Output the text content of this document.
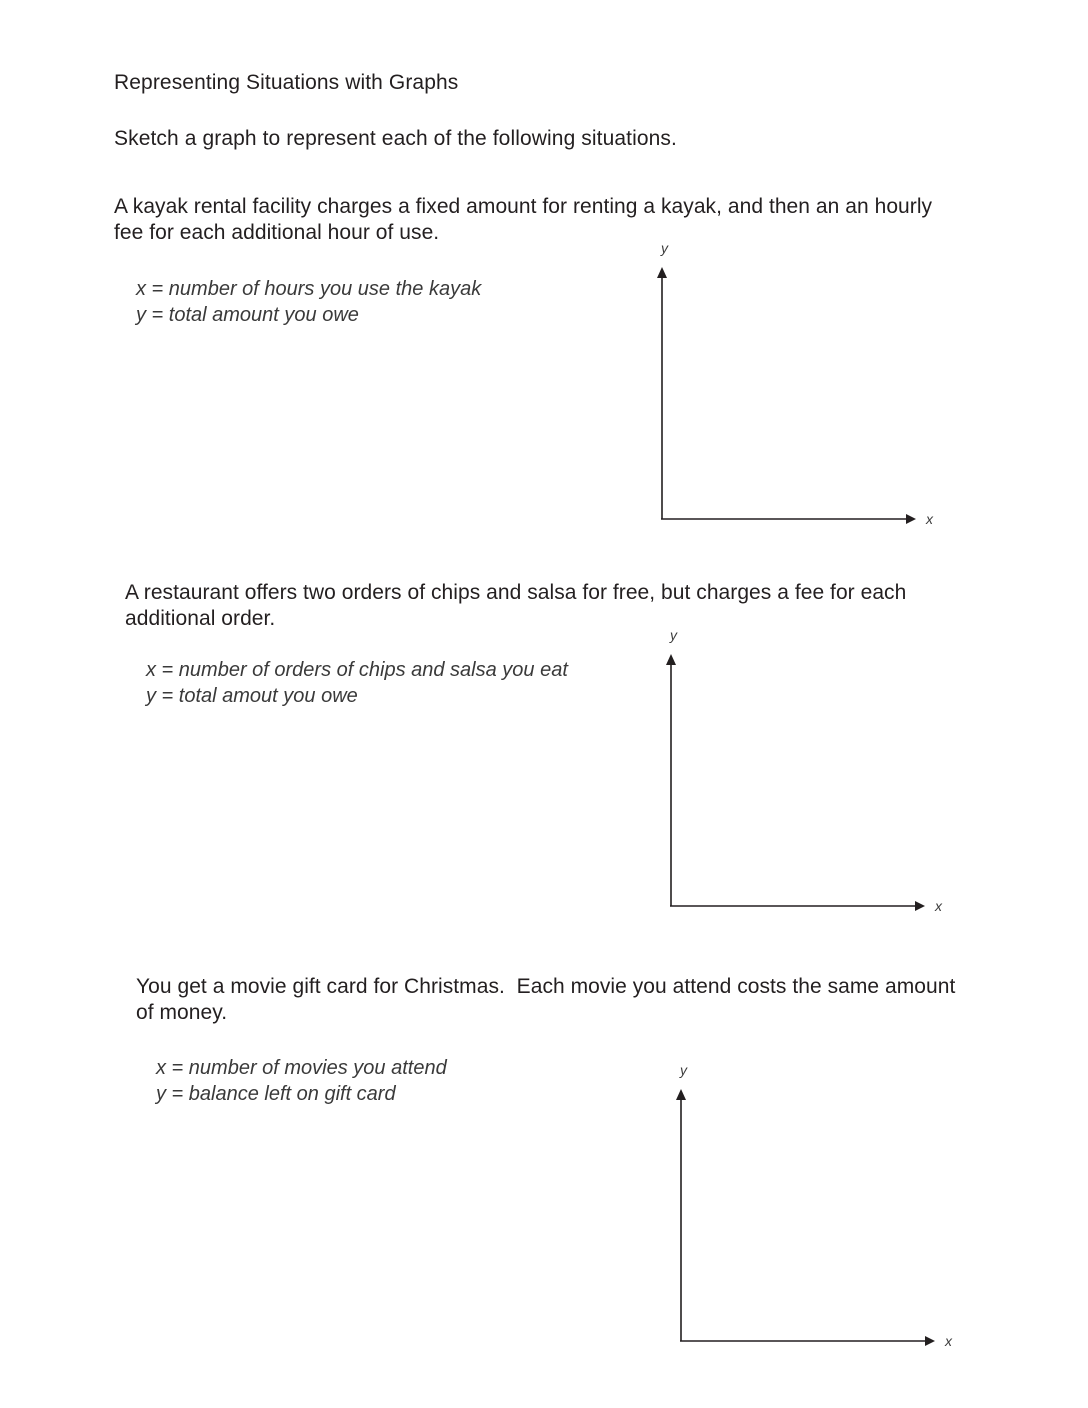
Representing Situations with Graphs
Sketch a graph to represent each of the following situations.
A kayak rental facility charges a fixed amount for renting a kayak, and then an an hourly
fee for each additional hour of use.
x = number of hours you use the kayak
y = total amount you owe
y
x
A restaurant offers two orders of chips and salsa for free, but charges a fee for each
additional order.
x = number of orders of chips and salsa you eat
y = total amout you owe
y
x
You get a movie gift card for Christmas.  Each movie you attend costs the same amount
of money.
x = number of movies you attend
y = balance left on gift card
y
x
